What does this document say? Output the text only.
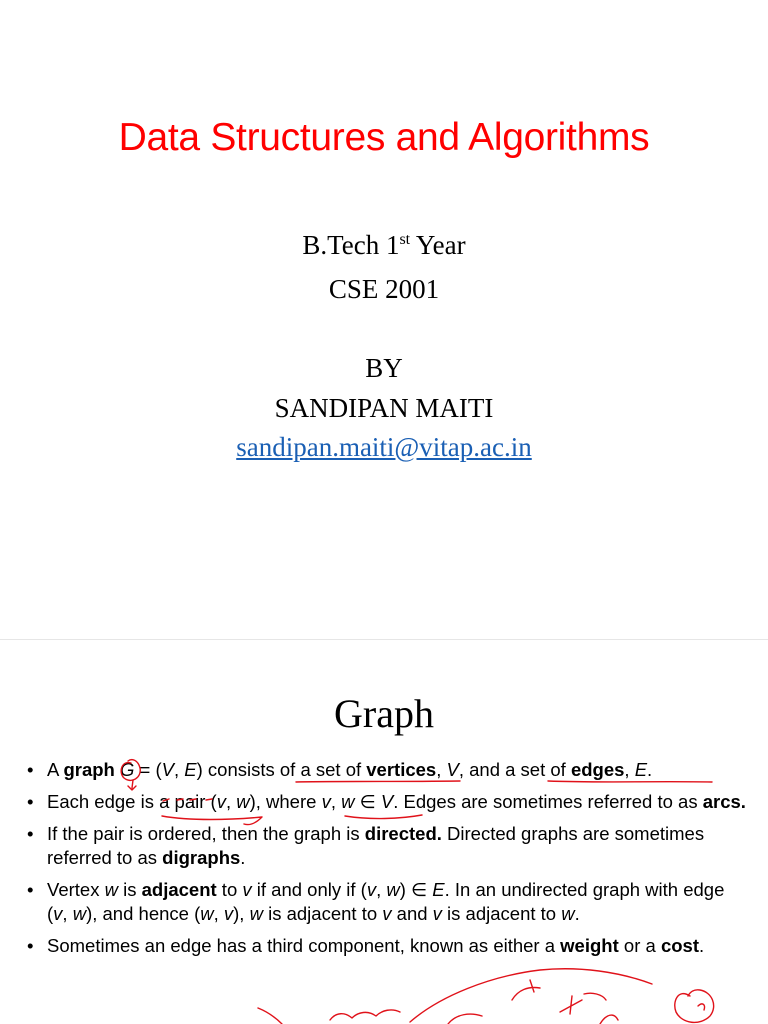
Data Structures and Algorithms
B.Tech 1st Year
CSE 2001
BY
SANDIPAN MAITI
sandipan.maiti@vitap.ac.in
Graph
• A graph G = (V, E) consists of a set of vertices, V, and a set of edges, E.
• Each edge is a pair (v, w), where v, w ∈ V. Edges are sometimes referred to as arcs.
• If the pair is ordered, then the graph is directed. Directed graphs are sometimes referred to as digraphs.
• Vertex w is adjacent to v if and only if (v, w) ∈ E. In an undirected graph with edge (v, w), and hence (w, v), w is adjacent to v and v is adjacent to w.
• Sometimes an edge has a third component, known as either a weight or a cost.
